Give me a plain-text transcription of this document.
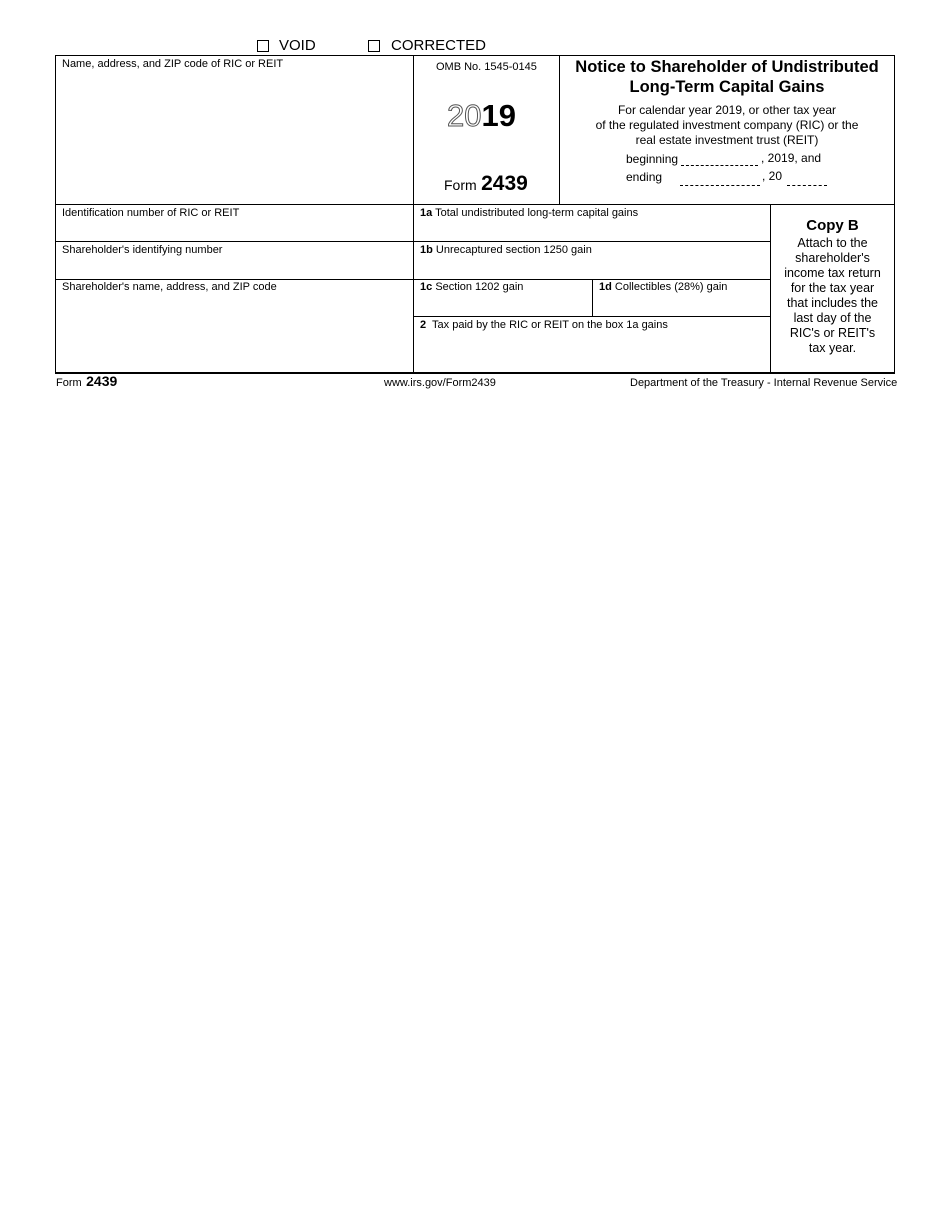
VOID	CORRECTED
Name, address, and ZIP code of RIC or REIT	OMB No. 1545-0145
2019
Form 2439
Notice to Shareholder of Undistributed
Long-Term Capital Gains
For calendar year 2019, or other tax year
of the regulated investment company (RIC) or the
real estate investment trust (REIT)
beginning	, 2019, and
ending	, 20
Identification number of RIC or REIT
Shareholder's identifying number
Shareholder's name, address, and ZIP code
1a Total undistributed long-term capital gains
1b Unrecaptured section 1250 gain
1c Section 1202 gain	1d Collectibles (28%) gain
2 Tax paid by the RIC or REIT on the box 1a gains
Copy B
Attach to the
shareholder's
income tax return
for the tax year
that includes the
last day of the
RIC's or REIT's
tax year.
Form 2439	www.irs.gov/Form2439	Department of the Treasury - Internal Revenue Service
